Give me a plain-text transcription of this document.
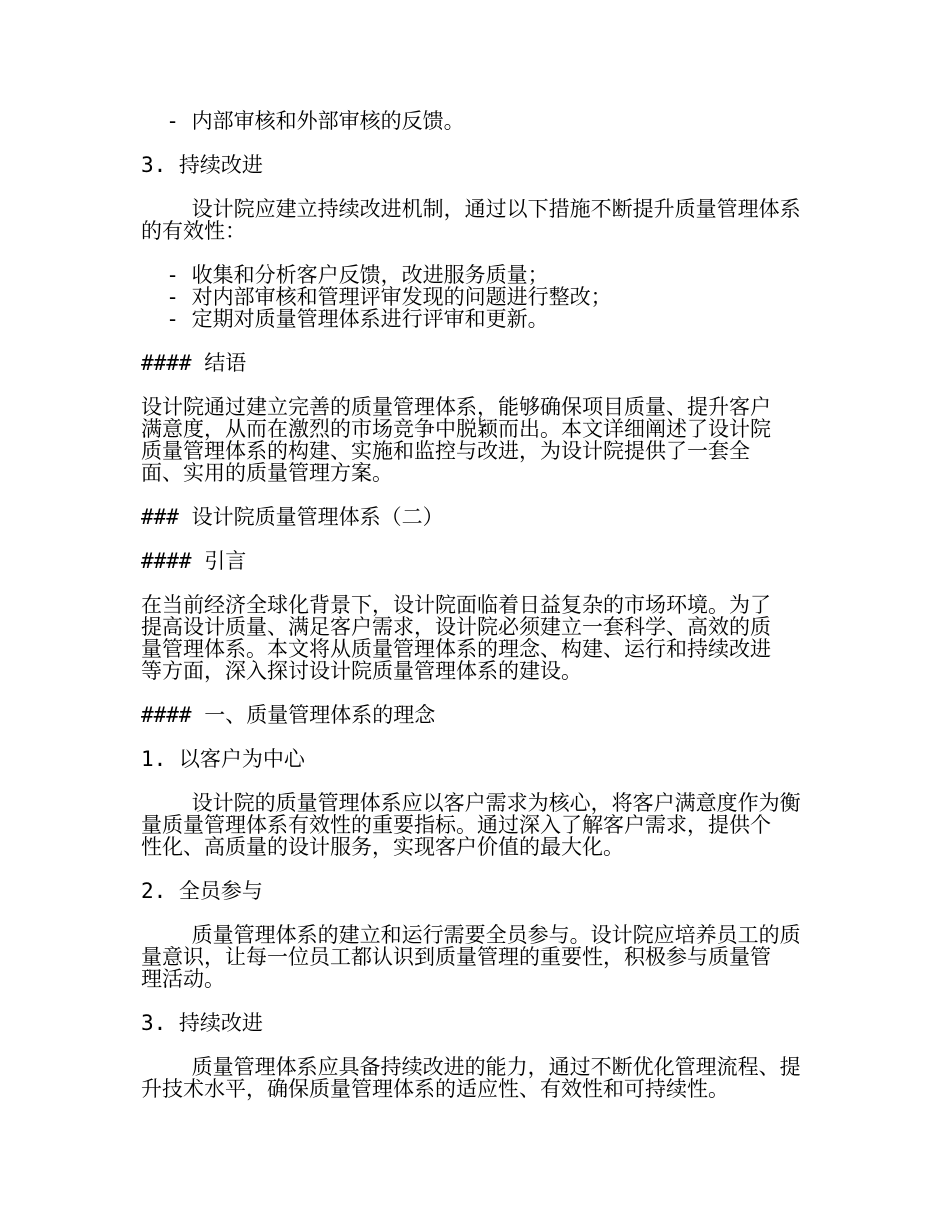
- 内部审核和外部审核的反馈。

3. 持续改进

设计院应建立持续改进机制，通过以下措施不断提升质量管理体系

的有效性：

- 收集和分析客户反馈，改进服务质量；

- 对内部审核和管理评审发现的问题进行整改；

- 定期对质量管理体系进行评审和更新。

#### 结语

设计院通过建立完善的质量管理体系，能够确保项目质量、提升客户

满意度，从而在激烈的市场竞争中脱颖而出。本文详细阐述了设计院

质量管理体系的构建、实施和监控与改进，为设计院提供了一套全

面、实用的质量管理方案。

### 设计院质量管理体系（二）

#### 引言

在当前经济全球化背景下，设计院面临着日益复杂的市场环境。为了

提高设计质量、满足客户需求，设计院必须建立一套科学、高效的质

量管理体系。本文将从质量管理体系的理念、构建、运行和持续改进

等方面，深入探讨设计院质量管理体系的建设。

#### 一、质量管理体系的理念

1. 以客户为中心

设计院的质量管理体系应以客户需求为核心，将客户满意度作为衡

量质量管理体系有效性的重要指标。通过深入了解客户需求，提供个

性化、高质量的设计服务，实现客户价值的最大化。

2. 全员参与

质量管理体系的建立和运行需要全员参与。设计院应培养员工的质

量意识，让每一位员工都认识到质量管理的重要性，积极参与质量管

理活动。

3. 持续改进

质量管理体系应具备持续改进的能力，通过不断优化管理流程、提

升技术水平，确保质量管理体系的适应性、有效性和可持续性。
